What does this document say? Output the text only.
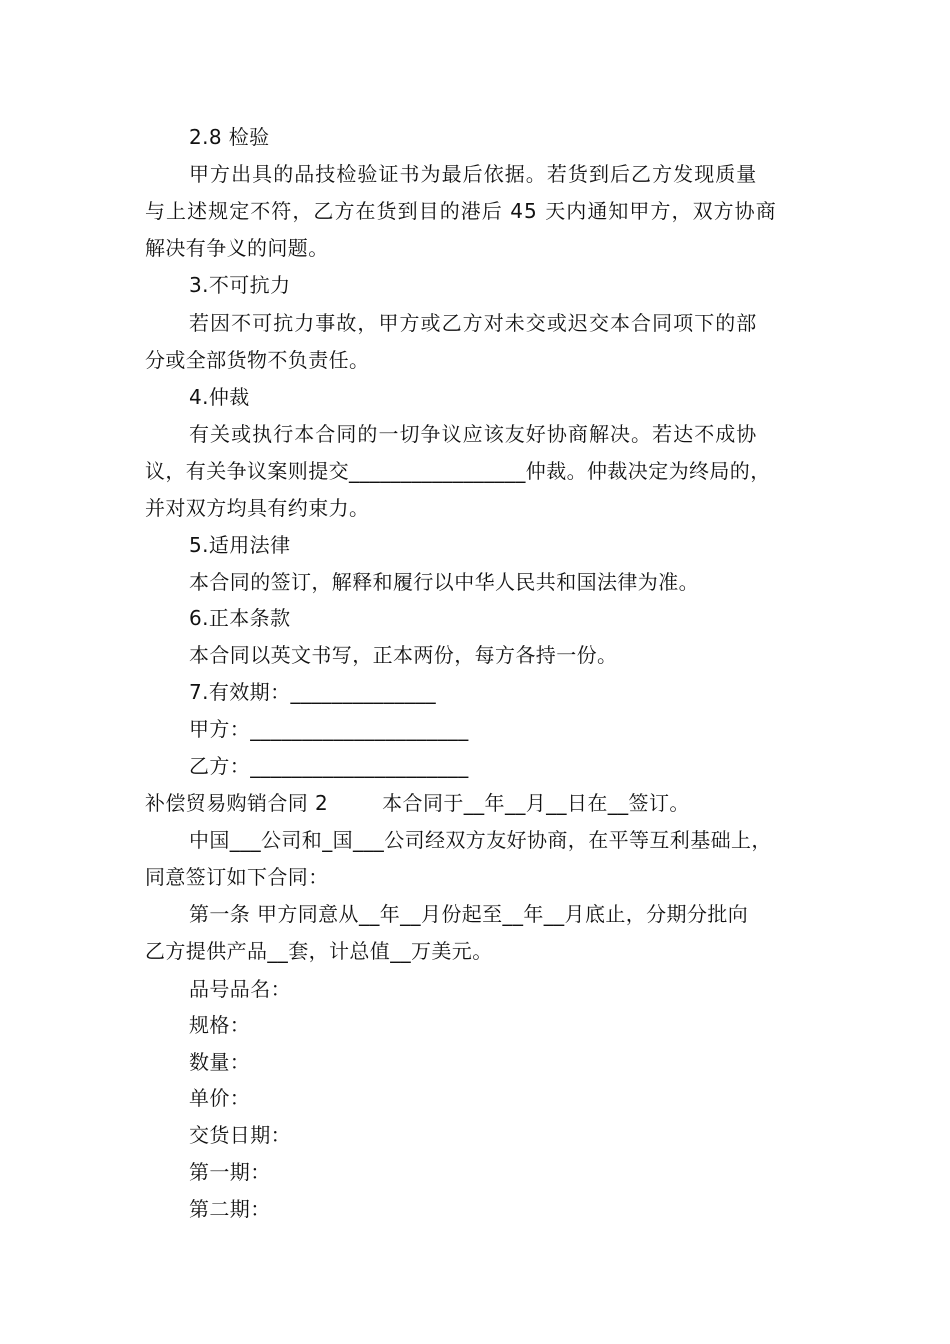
2.8 检验
甲方出具的品技检验证书为最后依据。若货到后乙方发现质量
与上述规定不符，乙方在货到目的港后 45 天内通知甲方，双方协商
解决有争义的问题。
3.不可抗力
若因不可抗力事故，甲方或乙方对未交或迟交本合同项下的部
分或全部货物不负责任。
4.仲裁
有关或执行本合同的一切争议应该友好协商解决。若达不成协
议，有关争议案则提交_________________仲裁。仲裁决定为终局的，
并对双方均具有约束力。
5.适用法律
本合同的签订，解释和履行以中华人民共和国法律为准。
6.正本条款
本合同以英文书写，正本两份，每方各持一份。
7.有效期：______________
甲方：_____________________
乙方：_____________________
补偿贸易购销合同 2        本合同于__年__月__日在__签订。
中国___公司和_国___公司经双方友好协商，在平等互利基础上，
同意签订如下合同：
第一条 甲方同意从__年__月份起至__年__月底止，分期分批向
乙方提供产品__套，计总值__万美元。
品号品名：
规格：
数量：
单价：
交货日期：
第一期：
第二期：
